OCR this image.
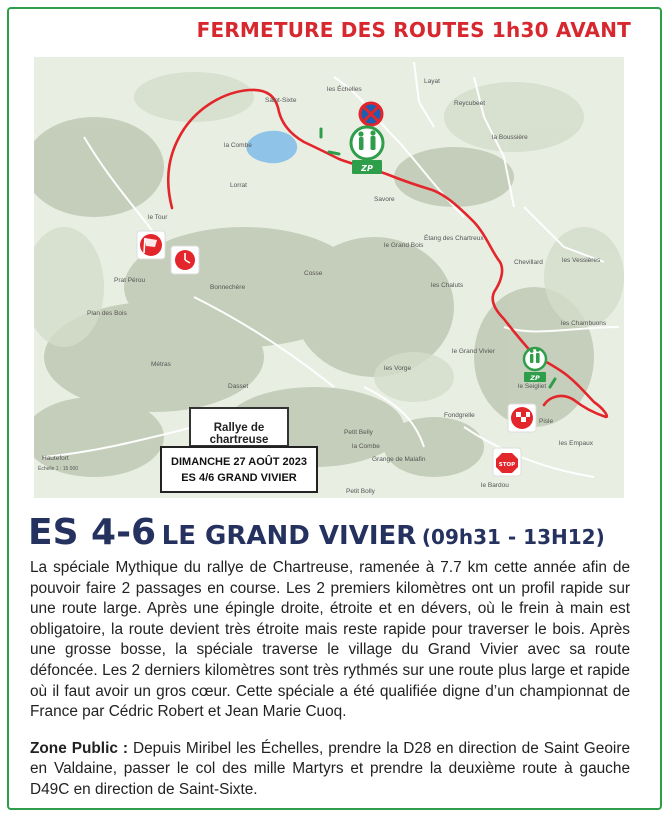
FERMETURE DES ROUTES 1h30 AVANT
Saint-Sixte
les Échelles
Layat
Reycubeet
la Boussière
Lorrat
Savore
le Grand Bois
Étang des Chartreux
Chevillard	les Vessières
le Tour
Prat Pérou
Bonnechère
Cosse
les Chaluts
les Chambuons
le Grand Vivier
le Seigliet
Dasset
Plan des Bois
Métras
les Vorge
Fondgrelle
Pisle
les Empaux
Hautefort
la Combe
le Bardou
Grange de Malafin
Petit Belly
Petit Bolly
la Combe
Échelle 1 : 15 000
ZP
ZP
STOP
Rallye de chartreuse
DIMANCHE 27 AOÛT 2023
ES 4/6 GRAND VIVIER
ES 4-6 LE GRAND VIVIER (09h31 - 13H12)

La spéciale Mythique du rallye de Chartreuse, ramenée à 7.7 km cette année afin de pouvoir faire 2 passages en course. Les 2 premiers kilomètres ont un profil rapide sur une route large. Après une épingle droite, étroite et en dévers, où le frein à main est obligatoire, la route devient très étroite mais reste rapide pour traverser le bois. Après une grosse bosse, la spéciale traverse le village du Grand Vivier avec sa route défoncée. Les 2 derniers kilomètres sont très rythmés sur une route plus large et rapide où il faut avoir un gros cœur. Cette spéciale a été qualifiée digne d’un championnat de France par Cédric Robert et Jean Marie Cuoq.

Zone Public : Depuis Miribel les Échelles, prendre la D28 en direction de Saint Geoire en Valdaine, passer le col des mille Martyrs et prendre la deuxième route à gauche D49C en direction de Saint-Sixte.
